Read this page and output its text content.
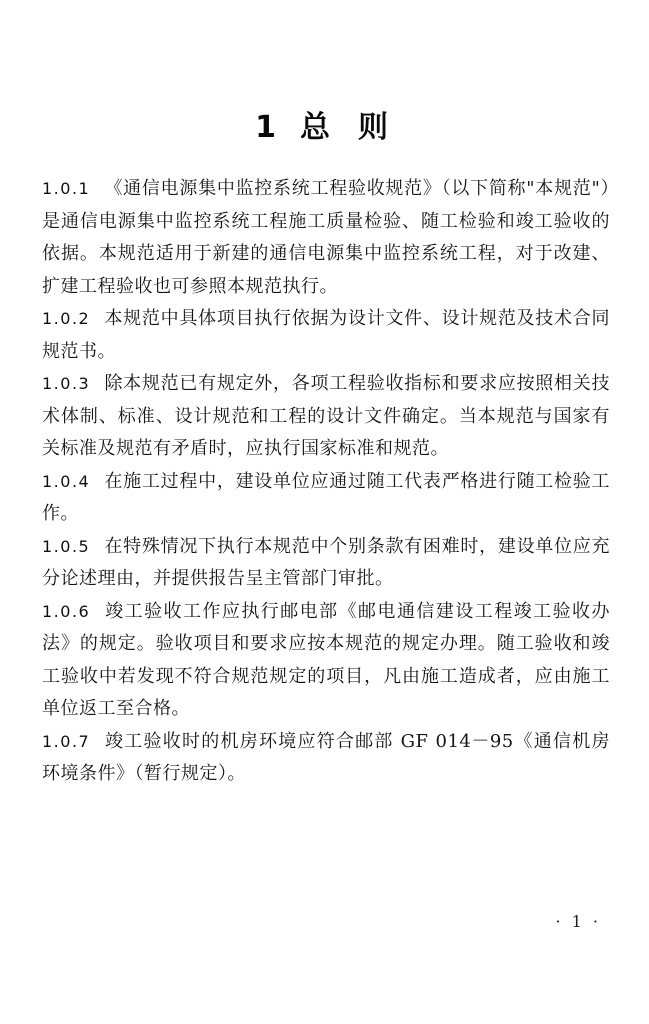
1 总 则

1.0.1 《通信电源集中监控系统工程验收规范》（以下简称"本规范"）是通信电源集中监控系统工程施工质量检验、随工检验和竣工验收的依据。本规范适用于新建的通信电源集中监控系统工程，对于改建、扩建工程验收也可参照本规范执行。

1.0.2 本规范中具体项目执行依据为设计文件、设计规范及技术合同规范书。

1.0.3 除本规范已有规定外，各项工程验收指标和要求应按照相关技术体制、标准、设计规范和工程的设计文件确定。当本规范与国家有关标准及规范有矛盾时，应执行国家标准和规范。

1.0.4 在施工过程中，建设单位应通过随工代表严格进行随工检验工作。

1.0.5 在特殊情况下执行本规范中个别条款有困难时，建设单位应充分论述理由，并提供报告呈主管部门审批。

1.0.6 竣工验收工作应执行邮电部《邮电通信建设工程竣工验收办法》的规定。验收项目和要求应按本规范的规定办理。随工验收和竣工验收中若发现不符合规范规定的项目，凡由施工造成者，应由施工单位返工至合格。

1.0.7 竣工验收时的机房环境应符合邮部 GF 014－95《通信机房环境条件》（暂行规定）。

· 1 ·
